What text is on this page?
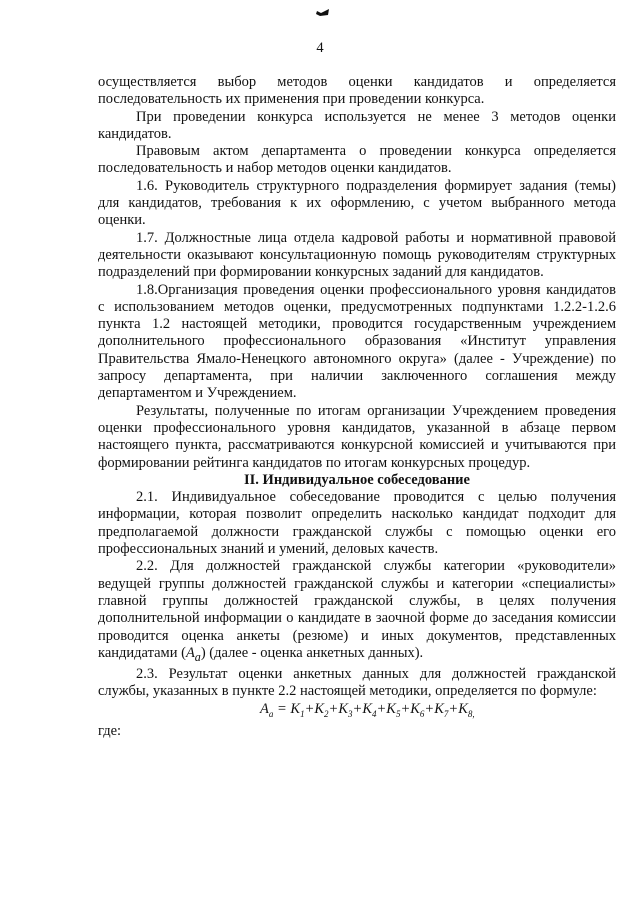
4

осуществляется выбор методов оценки кандидатов и определяется последовательность их применения при проведении конкурса.

При проведении конкурса используется не менее 3 методов оценки кандидатов.

Правовым актом департамента о проведении конкурса определяется последовательность и набор методов оценки кандидатов.

1.6. Руководитель структурного подразделения формирует задания (темы) для кандидатов, требования к их оформлению, с учетом выбранного метода оценки.

1.7. Должностные лица отдела кадровой работы и нормативной правовой деятельности оказывают консультационную помощь руководителям структурных подразделений при формировании конкурсных заданий для кандидатов.

1.8.Организация проведения оценки профессионального уровня кандидатов с использованием методов оценки, предусмотренных подпунктами 1.2.2-1.2.6 пункта 1.2 настоящей методики, проводится государственным учреждением дополнительного профессионального образования «Институт управления Правительства Ямало-Ненецкого автономного округа» (далее - Учреждение) по запросу департамента, при наличии заключенного соглашения между департаментом и Учреждением.

Результаты, полученные по итогам организации Учреждением проведения оценки профессионального уровня кандидатов, указанной в абзаце первом настоящего пункта, рассматриваются конкурсной комиссией и учитываются при формировании рейтинга кандидатов по итогам конкурсных процедур.

II. Индивидуальное собеседование

2.1. Индивидуальное собеседование проводится с целью получения информации, которая позволит определить насколько кандидат подходит для предполагаемой должности гражданской службы с помощью оценки его профессиональных знаний и умений, деловых качеств.

2.2. Для должностей гражданской службы категории «руководители» ведущей группы должностей гражданской службы и категории «специалисты» главной группы должностей гражданской службы, в целях получения дополнительной информации о кандидате в заочной форме до заседания комиссии проводится оценка анкеты (резюме) и иных документов, представленных кандидатами $(A_a)$ (далее - оценка анкетных данных).

2.3. Результат оценки анкетных данных для должностей гражданской службы, указанных в пункте 2.2 настоящей методики, определяется по формуле:

$A_a = K_1+K_2+K_3+K_4+K_5+K_6+K_7+K_{8,}$

где:
